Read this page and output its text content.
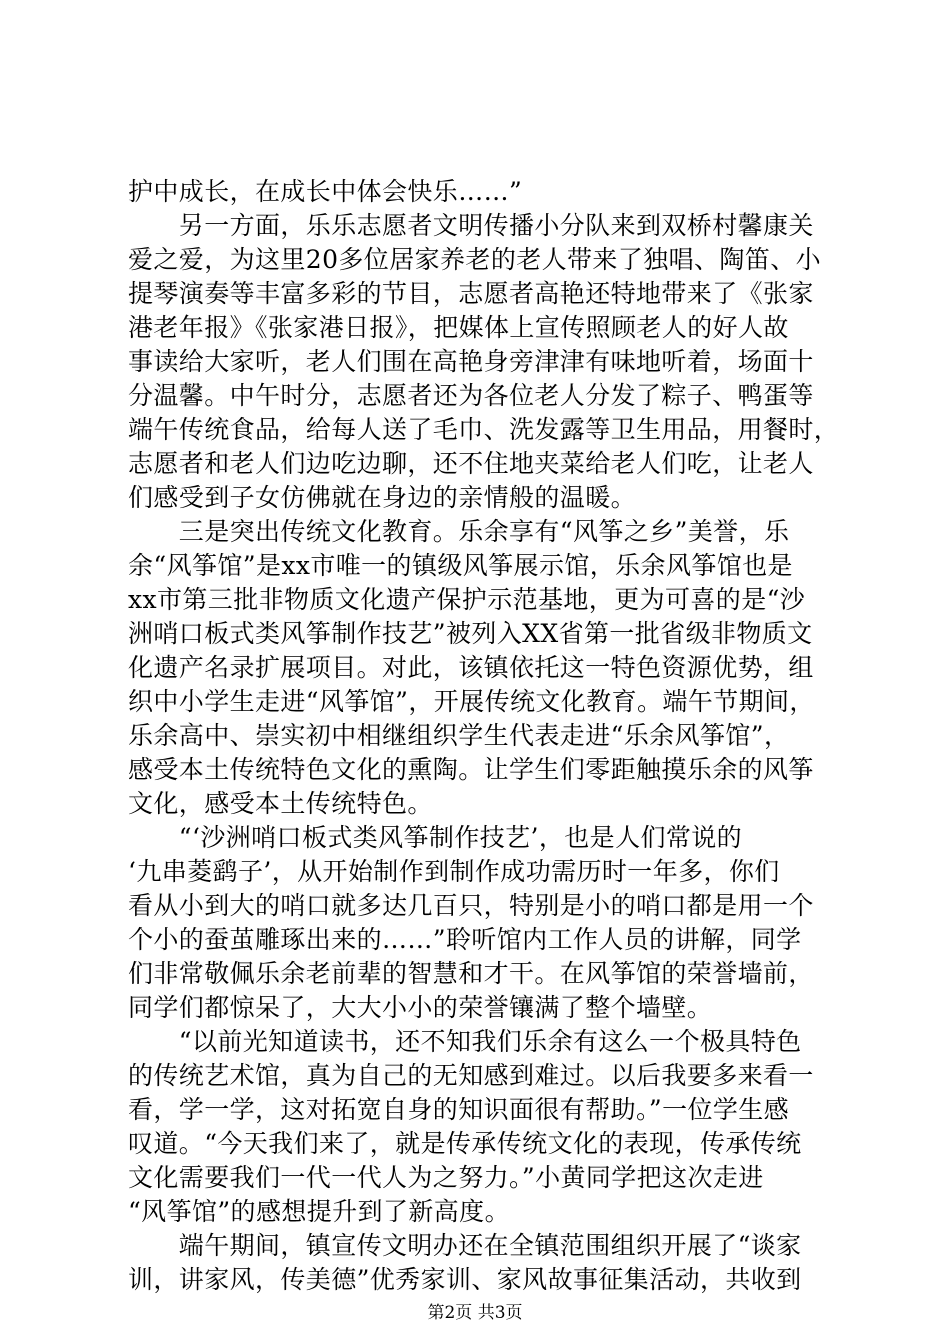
护中成长，在成长中体会快乐……”
　　另一方面，乐乐志愿者文明传播小分队来到双桥村馨康关
爱之爱，为这里20多位居家养老的老人带来了独唱、陶笛、小
提琴演奏等丰富多彩的节目，志愿者高艳还特地带来了《张家
港老年报》《张家港日报》，把媒体上宣传照顾老人的好人故
事读给大家听，老人们围在高艳身旁津津有味地听着，场面十
分温馨。中午时分，志愿者还为各位老人分发了粽子、鸭蛋等
端午传统食品，给每人送了毛巾、洗发露等卫生用品，用餐时，
志愿者和老人们边吃边聊，还不住地夹菜给老人们吃，让老人
们感受到子女仿佛就在身边的亲情般的温暖。
　　三是突出传统文化教育。乐余享有“风筝之乡”美誉，乐
余“风筝馆”是xx市唯一的镇级风筝展示馆，乐余风筝馆也是
xx市第三批非物质文化遗产保护示范基地，更为可喜的是“沙
洲哨口板式类风筝制作技艺”被列入XX省第一批省级非物质文
化遗产名录扩展项目。对此，该镇依托这一特色资源优势，组
织中小学生走进“风筝馆”，开展传统文化教育。端午节期间，
乐余高中、崇实初中相继组织学生代表走进“乐余风筝馆”，
感受本土传统特色文化的熏陶。让学生们零距触摸乐余的风筝
文化，感受本土传统特色。
　　“‘沙洲哨口板式类风筝制作技艺’，也是人们常说的
‘九串菱鹞子’，从开始制作到制作成功需历时一年多，你们
看从小到大的哨口就多达几百只，特别是小的哨口都是用一个
个小的蚕茧雕琢出来的……”聆听馆内工作人员的讲解，同学
们非常敬佩乐余老前辈的智慧和才干。在风筝馆的荣誉墙前，
同学们都惊呆了，大大小小的荣誉镶满了整个墙壁。
　　“以前光知道读书，还不知我们乐余有这么一个极具特色
的传统艺术馆，真为自己的无知感到难过。以后我要多来看一
看，学一学，这对拓宽自身的知识面很有帮助。”一位学生感
叹道。“今天我们来了，就是传承传统文化的表现，传承传统
文化需要我们一代一代人为之努力。”小黄同学把这次走进
“风筝馆”的感想提升到了新高度。
　　端午期间，镇宣传文明办还在全镇范围组织开展了“谈家
训，讲家风，传美德”优秀家训、家风故事征集活动，共收到
第2页 共3页
